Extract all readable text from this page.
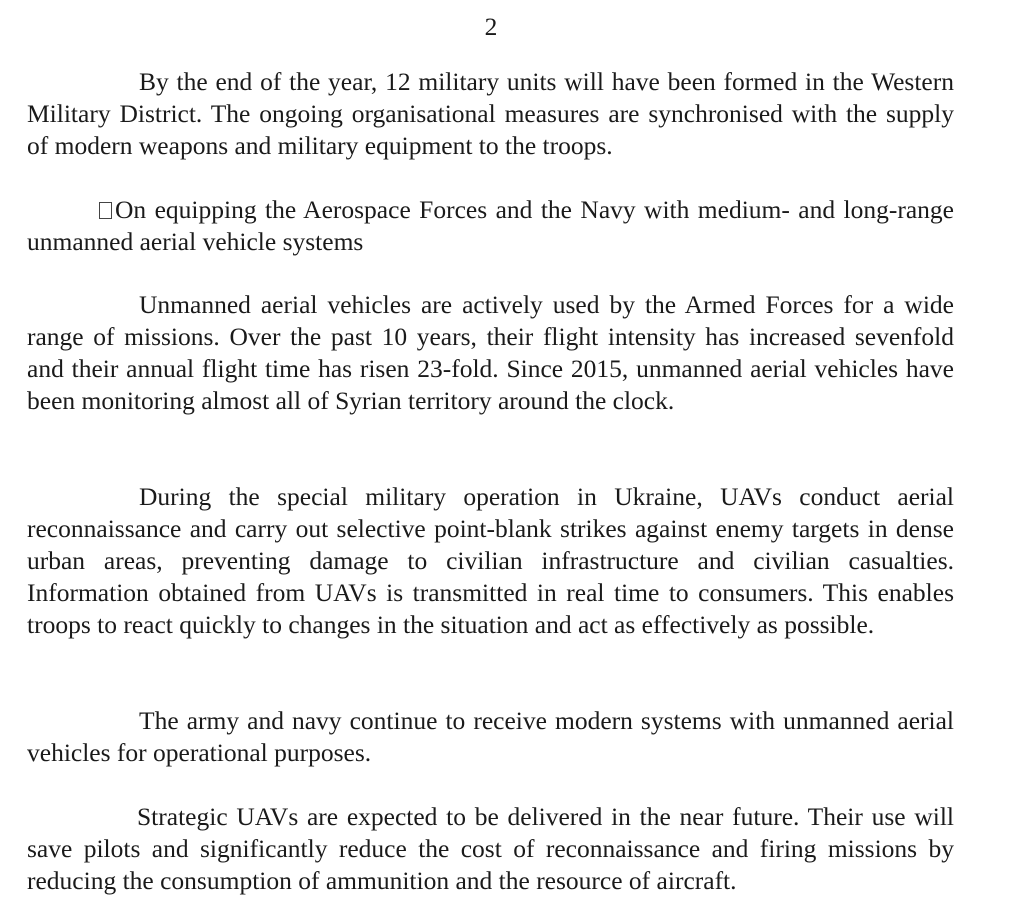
2

By the end of the year, 12 military units will have been formed in the Western Military District. The ongoing organisational measures are synchronised with the supply of modern weapons and military equipment to the troops.

On equipping the Aerospace Forces and the Navy with medium- and long-range unmanned aerial vehicle systems

Unmanned aerial vehicles are actively used by the Armed Forces for a wide range of missions. Over the past 10 years, their flight intensity has increased sevenfold and their annual flight time has risen 23-fold. Since 2015, unmanned aerial vehicles have been monitoring almost all of Syrian territory around the clock.

During the special military operation in Ukraine, UAVs conduct aerial reconnaissance and carry out selective point-blank strikes against enemy targets in dense urban areas, preventing damage to civilian infrastructure and civilian casualties. Information obtained from UAVs is transmitted in real time to consumers. This enables troops to react quickly to changes in the situation and act as effectively as possible.

The army and navy continue to receive modern systems with unmanned aerial vehicles for operational purposes.

Strategic UAVs are expected to be delivered in the near future. Their use will save pilots and significantly reduce the cost of reconnaissance and firing missions by reducing the consumption of ammunition and the resource of aircraft.
